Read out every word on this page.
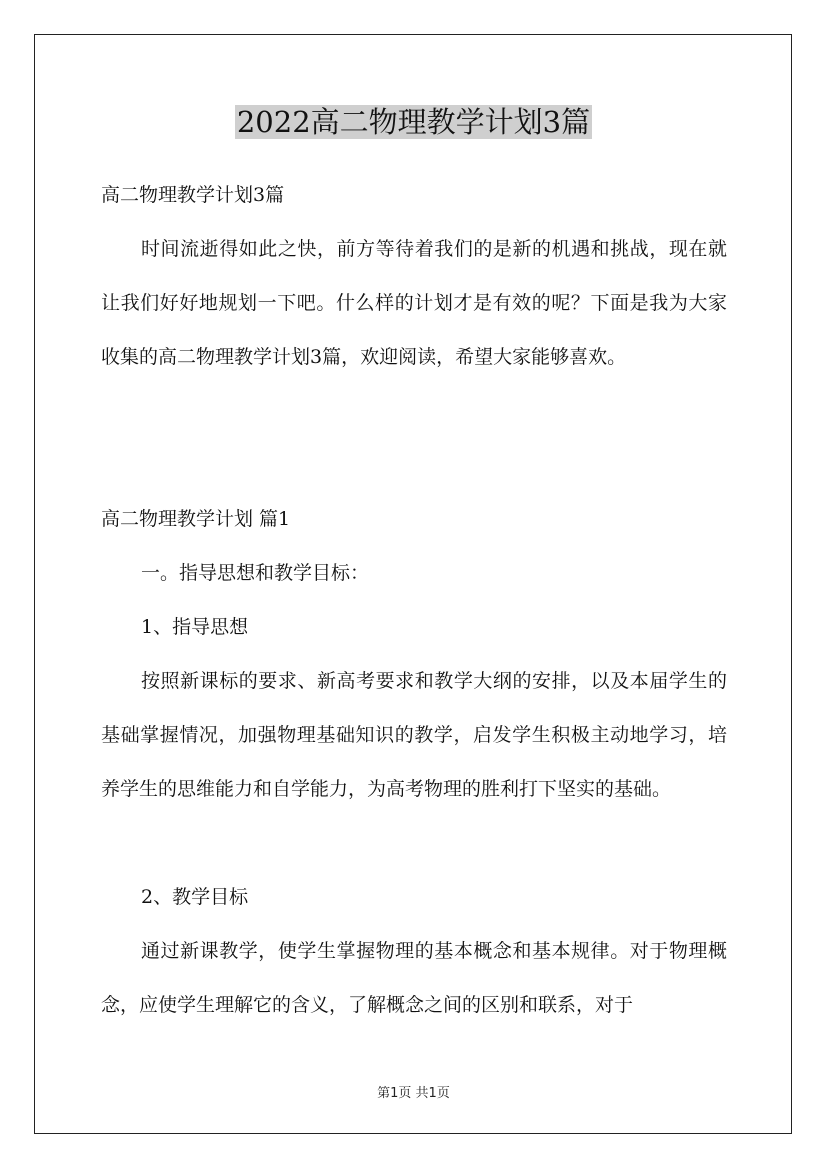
2022高二物理教学计划3篇
高二物理教学计划3篇
时间流逝得如此之快，前方等待着我们的是新的机遇和挑战，现在就让我们好好地规划一下吧。什么样的计划才是有效的呢？下面是我为大家收集的高二物理教学计划3篇，欢迎阅读，希望大家能够喜欢。
高二物理教学计划 篇1
一。指导思想和教学目标：
1、指导思想
按照新课标的要求、新高考要求和教学大纲的安排，以及本届学生的基础掌握情况，加强物理基础知识的教学，启发学生积极主动地学习，培养学生的思维能力和自学能力，为高考物理的胜利打下坚实的基础。
2、教学目标
通过新课教学，使学生掌握物理的基本概念和基本规律。对于物理概念，应使学生理解它的含义，了解概念之间的区别和联系，对于
第1页 共1页
